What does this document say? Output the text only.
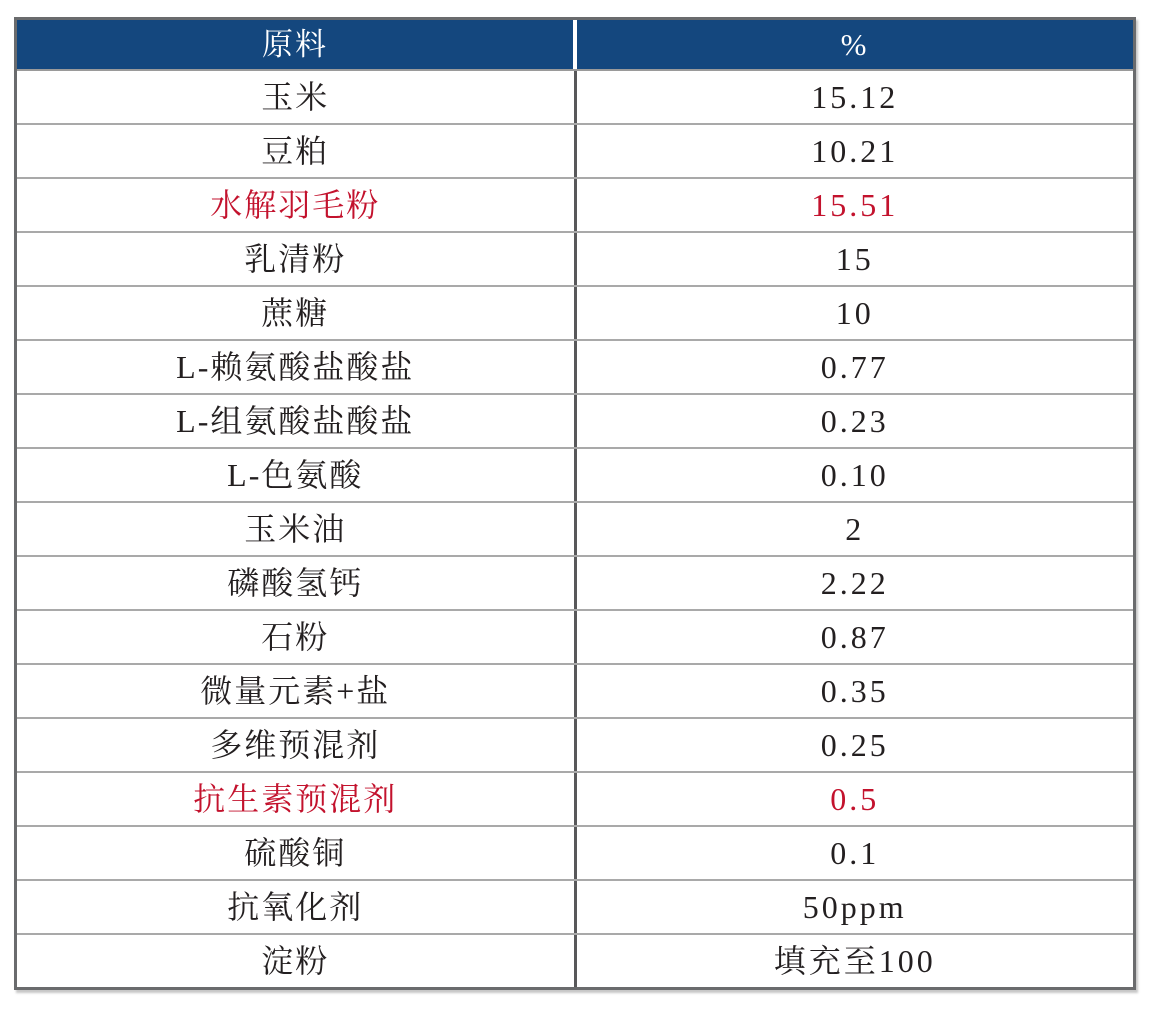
原料	%
玉米	15.12
豆粕	10.21
水解羽毛粉	15.51
乳清粉	15
蔗糖	10
L-赖氨酸盐酸盐	0.77
L-组氨酸盐酸盐	0.23
L-色氨酸	0.10
玉米油	2
磷酸氢钙	2.22
石粉	0.87
微量元素+盐	0.35
多维预混剂	0.25
抗生素预混剂	0.5
硫酸铜	0.1
抗氧化剂	50ppm
淀粉	填充至100
